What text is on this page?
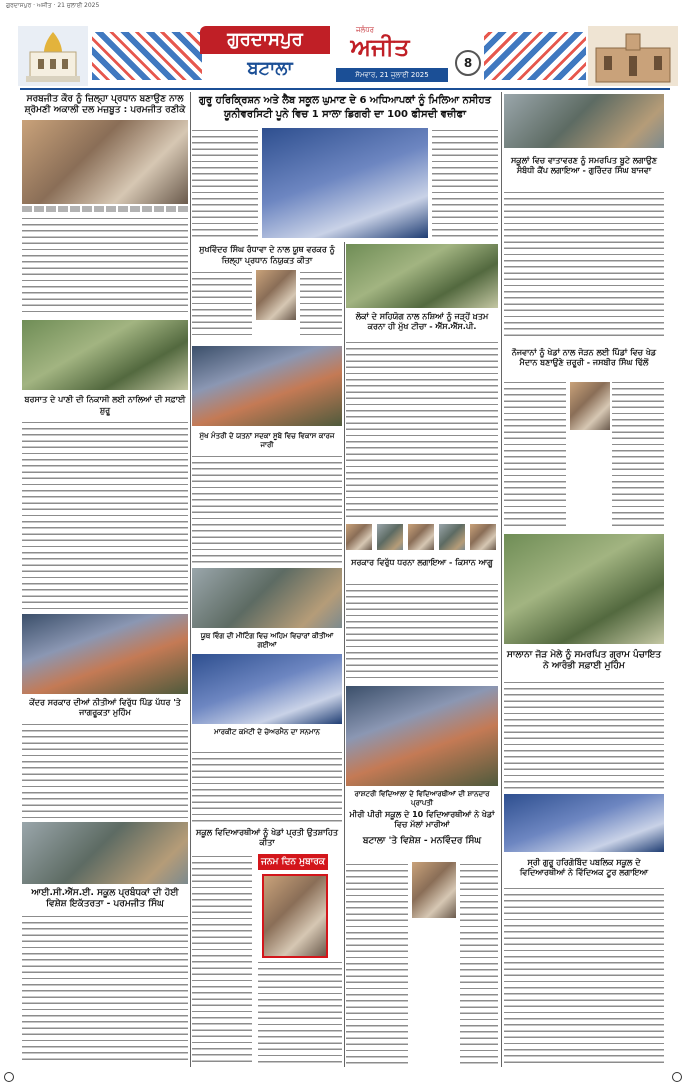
ਗੁਰਦਾਸਪੁਰ · ਅਜੀਤ · 21 ਜੁਲਾਈ 2025
ਗੁਰਦਾਸਪੁਰ
ਬਟਾਲਾ
ਜਲੰਧਰ
ਅਜੀਤ
ਸੋਮਵਾਰ, 21 ਜੁਲਾਈ 2025
8
ਸਰਬਜੀਤ ਕੌਰ ਨੂੰ ਜ਼ਿਲ੍ਹਾ ਪ੍ਰਧਾਨ ਬਣਾਉਣ ਨਾਲ ਸ਼੍ਰੋਮਣੀ ਅਕਾਲੀ ਦਲ ਮਜ਼ਬੂਤ : ਪਰਮਜੀਤ ਰਣੀਕੇ
ਬਰਸਾਤ ਦੇ ਪਾਣੀ ਦੀ ਨਿਕਾਸੀ ਲਈ ਨਾਲਿਆਂ ਦੀ ਸਫ਼ਾਈ ਸ਼ੁਰੂ
ਕੇਂਦਰ ਸਰਕਾਰ ਦੀਆਂ ਨੀਤੀਆਂ ਵਿਰੁੱਧ ਪਿੰਡ ਪੱਧਰ 'ਤੇ ਜਾਗਰੂਕਤਾ ਮੁਹਿੰਮ
ਆਈ.ਸੀ.ਐੱਸ.ਈ. ਸਕੂਲ ਪ੍ਰਬੰਧਕਾਂ ਦੀ ਹੋਈ ਵਿਸ਼ੇਸ਼ ਇਕੱਤਰਤਾ - ਪਰਮਜੀਤ ਸਿੰਘ
ਗੁਰੂ ਹਰਿਕ੍ਰਿਸ਼ਨ ਅਤੇ ਲੈਬ ਸਕੂਲ ਘੁਮਾਣ ਦੇ 6 ਅਧਿਆਪਕਾਂ ਨੂੰ ਮਿਲਿਆ ਨਸੀਹਤ ਯੂਨੀਵਰਸਿਟੀ ਪੂਨੇ ਵਿਚ 1 ਸਾਲਾ ਡਿਗਰੀ ਦਾ 100 ਫੀਸਦੀ ਵਜ਼ੀਫਾ
ਸੁਖਵਿੰਦਰ ਸਿੰਘ ਰੰਧਾਵਾ ਦੇ ਨਾਲ ਯੂਥ ਵਰਕਰ ਨੂੰ ਜ਼ਿਲ੍ਹਾ ਪ੍ਰਧਾਨ ਨਿਯੁਕਤ ਕੀਤਾ
ਮੁੱਖ ਮੰਤਰੀ ਦੇ ਯਤਨਾਂ ਸਦਕਾ ਸੂਬੇ ਵਿਚ ਵਿਕਾਸ ਕਾਰਜ ਜਾਰੀ
ਯੂਥ ਵਿੰਗ ਦੀ ਮੀਟਿੰਗ ਵਿਚ ਅਹਿਮ ਵਿਚਾਰਾਂ ਕੀਤੀਆਂ ਗਈਆਂ
ਮਾਰਕੀਟ ਕਮੇਟੀ ਦੇ ਚੇਅਰਮੈਨ ਦਾ ਸਨਮਾਨ
ਲੋਕਾਂ ਦੇ ਸਹਿਯੋਗ ਨਾਲ ਨਸ਼ਿਆਂ ਨੂੰ ਜੜ੍ਹੋਂ ਖ਼ਤਮ ਕਰਨਾ ਹੀ ਮੁੱਖ ਟੀਚਾ - ਐੱਸ.ਐੱਸ.ਪੀ.
ਸਰਕਾਰ ਵਿਰੁੱਧ ਧਰਨਾ ਲਗਾਇਆ - ਕਿਸਾਨ ਆਗੂ
ਰਾਸ਼ਟਰੀ ਵਿਦਿਆਲਾ ਦੇ ਵਿਦਿਆਰਥੀਆਂ ਦੀ ਸ਼ਾਨਦਾਰ ਪ੍ਰਾਪਤੀ
ਸਕੂਲ ਵਿਦਿਆਰਥੀਆਂ ਨੂੰ ਖੇਡਾਂ ਪ੍ਰਤੀ ਉਤਸ਼ਾਹਿਤ ਕੀਤਾ
ਜਨਮ ਦਿਨ ਮੁਬਾਰਕ
ਮੀਰੀ ਪੀਰੀ ਸਕੂਲ ਦੇ 10 ਵਿਦਿਆਰਥੀਆਂ ਨੇ ਖੇਡਾਂ ਵਿਚ ਮੱਲਾਂ ਮਾਰੀਆਂ
ਬਟਾਲਾ 'ਤੇ ਵਿਸ਼ੇਸ਼ - ਮਨਵਿੰਦਰ ਸਿੰਘ
ਸਕੂਲਾਂ ਵਿਚ ਵਾਤਾਵਰਣ ਨੂੰ ਸਮਰਪਿਤ ਬੂਟੇ ਲਗਾਉਣ ਸੰਬੰਧੀ ਕੈਂਪ ਲਗਾਇਆ - ਗੁਰਿੰਦਰ ਸਿੰਘ ਬਾਜਵਾ
ਨੌਜਵਾਨਾਂ ਨੂੰ ਖੇਡਾਂ ਨਾਲ ਜੋੜਨ ਲਈ ਪਿੰਡਾਂ ਵਿਚ ਖੇਡ ਮੈਦਾਨ ਬਣਾਉਣੇ ਜ਼ਰੂਰੀ - ਜਸਬੀਰ ਸਿੰਘ ਢਿੱਲੋਂ
ਸਾਲਾਨਾ ਜੋੜ ਮੇਲੇ ਨੂੰ ਸਮਰਪਿਤ ਗ੍ਰਾਮ ਪੰਚਾਇਤ ਨੇ ਆਰੰਭੀ ਸਫ਼ਾਈ ਮੁਹਿੰਮ
ਸ੍ਰੀ ਗੁਰੂ ਹਰਿਗੋਬਿੰਦ ਪਬਲਿਕ ਸਕੂਲ ਦੇ ਵਿਦਿਆਰਥੀਆਂ ਨੇ ਵਿੱਦਿਅਕ ਟੂਰ ਲਗਾਇਆ
